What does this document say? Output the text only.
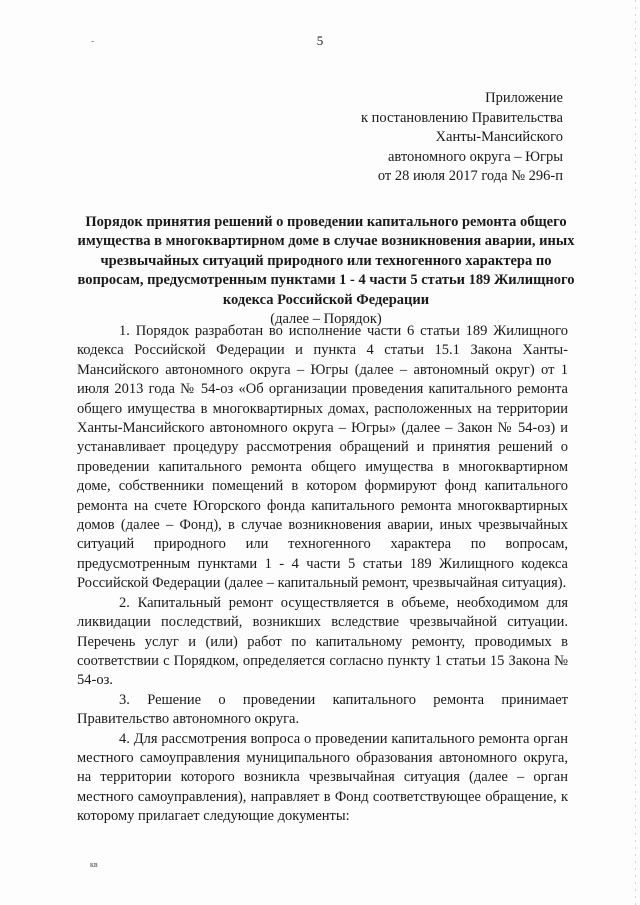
-	5
Приложение
к постановлению Правительства
Ханты-Мансийского
автономного округа – Югры
от 28 июля 2017 года № 296-п
Порядок принятия решений о проведении капитального ремонта общего имущества в многоквартирном доме в случае возникновения аварии, иных чрезвычайных ситуаций природного или техногенного характера по вопросам, предусмотренным пунктами 1 - 4 части 5 статьи 189 Жилищного кодекса Российской Федерации
(далее – Порядок)

1. Порядок разработан во исполнение части 6 статьи 189 Жилищного кодекса Российской Федерации и пункта 4 статьи 15.1 Закона Ханты-Мансийского автономного округа – Югры (далее – автономный округ) от 1 июля 2013 года № 54-оз «Об организации проведения капитального ремонта общего имущества в многоквартирных домах, расположенных на территории Ханты-Мансийского автономного округа – Югры» (далее – Закон № 54-оз) и устанавливает процедуру рассмотрения обращений и принятия решений о проведении капитального ремонта общего имущества в многоквартирном доме, собственники помещений в котором формируют фонд капитального ремонта на счете Югорского фонда капитального ремонта многоквартирных домов (далее – Фонд), в случае возникновения аварии, иных чрезвычайных ситуаций природного или техногенного характера по вопросам, предусмотренным пунктами 1 - 4 части 5 статьи 189 Жилищного кодекса Российской Федерации (далее – капитальный ремонт, чрезвычайная ситуация).

2. Капитальный ремонт осуществляется в объеме, необходимом для ликвидации последствий, возникших вследствие чрезвычайной ситуации. Перечень услуг и (или) работ по капитальному ремонту, проводимых в соответствии с Порядком, определяется согласно пункту 1 статьи 15 Закона № 54-оз.

3. Решение о проведении капитального ремонта принимает Правительство автономного округа.

4. Для рассмотрения вопроса о проведении капитального ремонта орган местного самоуправления муниципального образования автономного округа, на территории которого возникла чрезвычайная ситуация (далее – орган местного самоуправления), направляет в Фонд соответствующее обращение, к которому прилагает следующие документы:

кв
